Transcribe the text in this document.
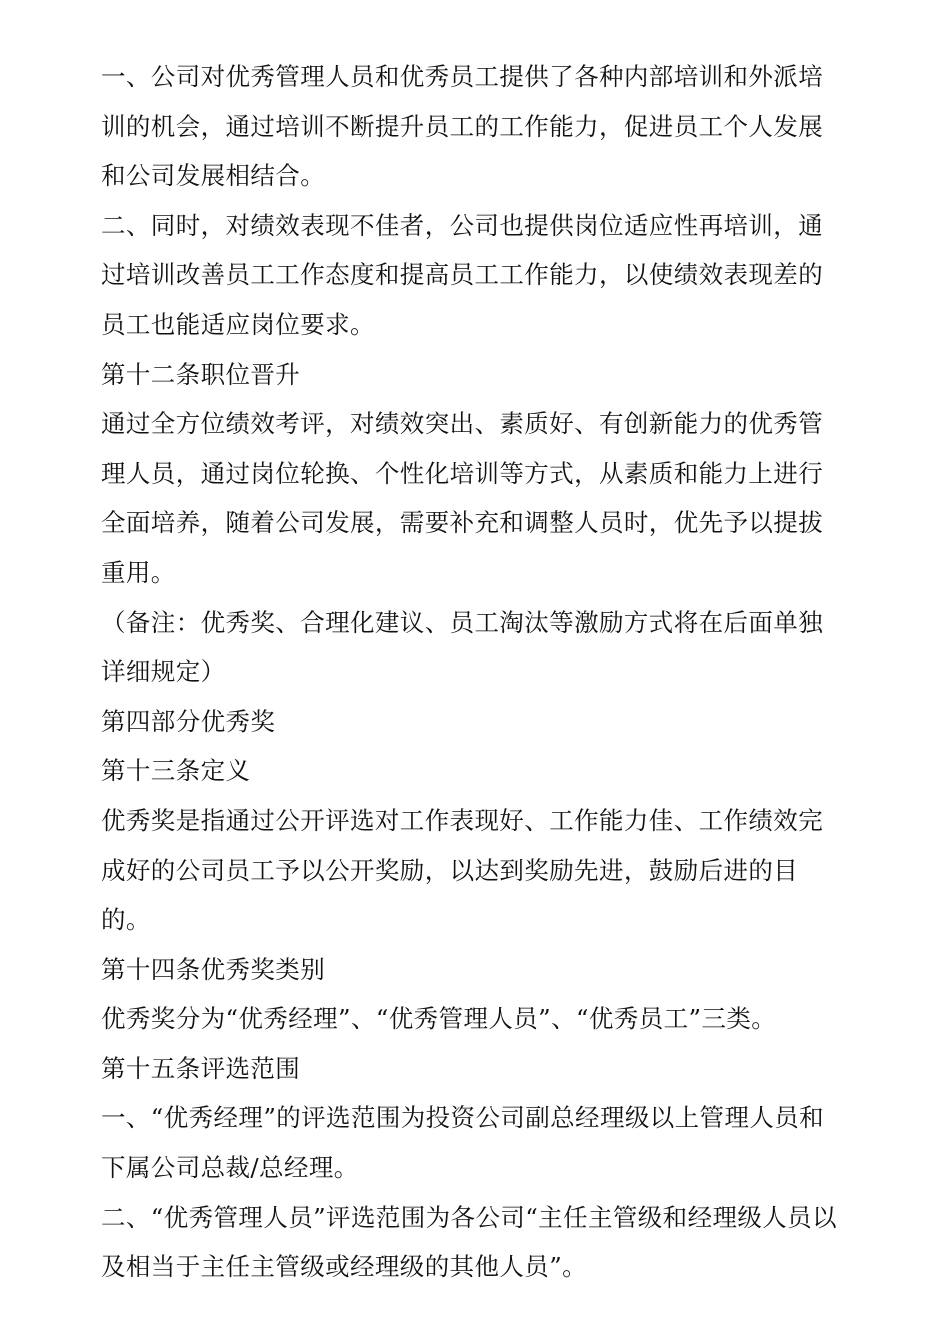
一、公司对优秀管理人员和优秀员工提供了各种内部培训和外派培训的机会，通过培训不断提升员工的工作能力，促进员工个人发展和公司发展相结合。

二、同时，对绩效表现不佳者，公司也提供岗位适应性再培训，通过培训改善员工工作态度和提高员工工作能力，以使绩效表现差的员工也能适应岗位要求。

第十二条职位晋升

通过全方位绩效考评，对绩效突出、素质好、有创新能力的优秀管理人员，通过岗位轮换、个性化培训等方式，从素质和能力上进行全面培养，随着公司发展，需要补充和调整人员时，优先予以提拔重用。

（备注：优秀奖、合理化建议、员工淘汰等激励方式将在后面单独详细规定）

第四部分优秀奖

第十三条定义

优秀奖是指通过公开评选对工作表现好、工作能力佳、工作绩效完成好的公司员工予以公开奖励，以达到奖励先进，鼓励后进的目的。

第十四条优秀奖类别

优秀奖分为“优秀经理”、“优秀管理人员”、“优秀员工”三类。

第十五条评选范围

一、“优秀经理”的评选范围为投资公司副总经理级以上管理人员和下属公司总裁/总经理。

二、“优秀管理人员”评选范围为各公司“主任主管级和经理级人员以及相当于主任主管级或经理级的其他人员”。
